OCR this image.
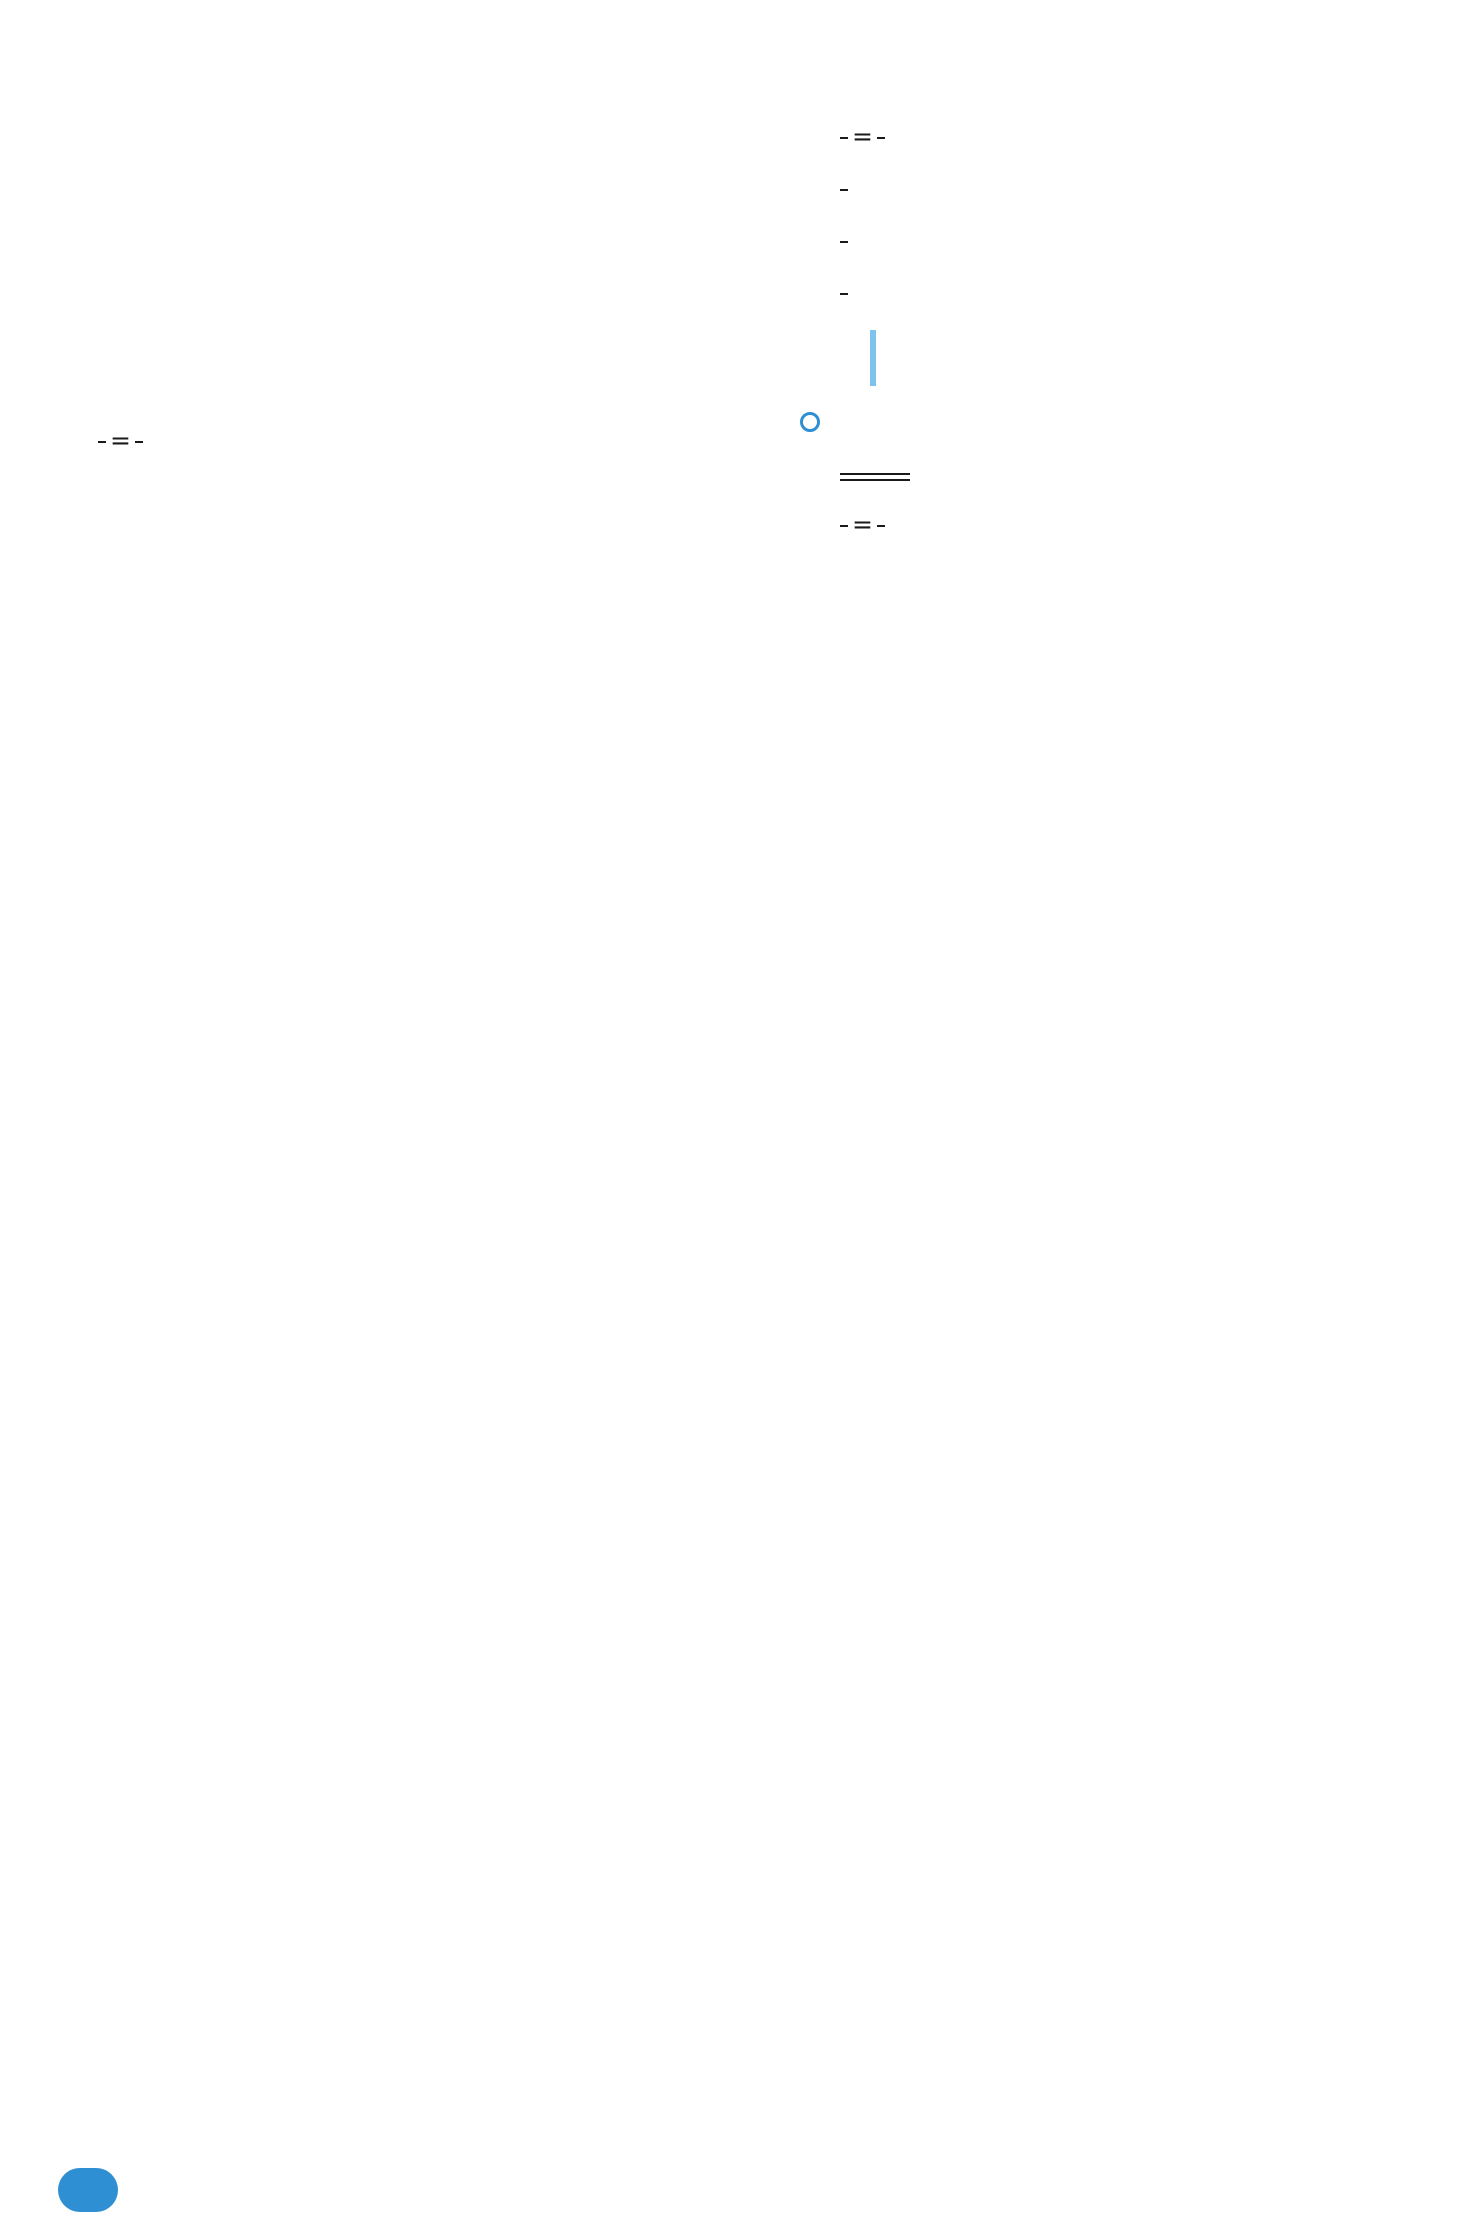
=

=

=
